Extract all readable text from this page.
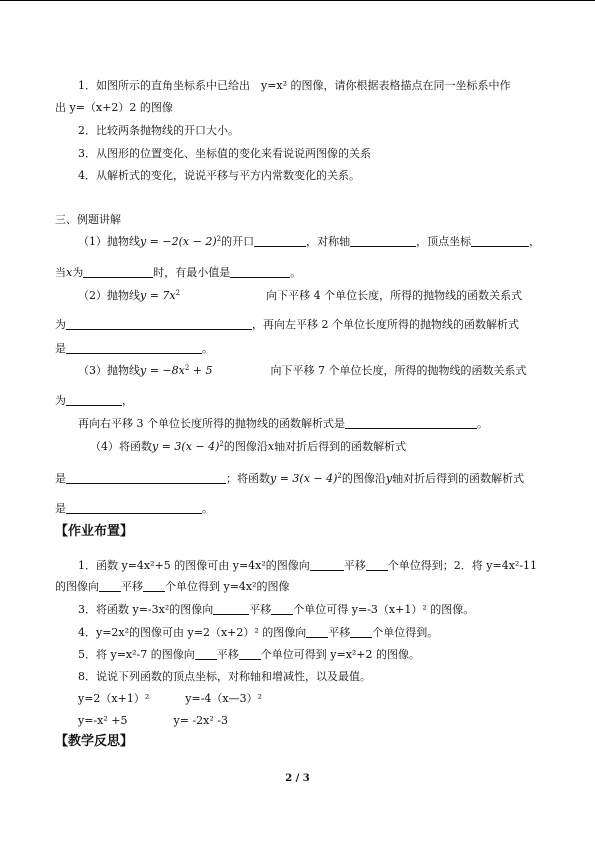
1．如图所示的直角坐标系中已给出　y=x² 的图像，请你根据表格描点在同一坐标系中作
出 y=（x+2）2 的图像
2．比较两条抛物线的开口大小。
3．从图形的位置变化、坐标值的变化来看说说两图像的关系
4．从解析式的变化，说说平移与平方内常数变化的关系。
三、例题讲解
（1）抛物线$y = -2(x - 2)^2$的开口	，对称轴	，顶点坐标	，
当x为	时，有最小值是	。
（2）抛物线$y = 7x^2$	向下平移 4 个单位长度，所得的抛物线的函数关系式
为	，再向左平移 2 个单位长度所得的抛物线的函数解析式
是	。
（3）抛物线$y = -8x^2 + 5$	向下平移 7 个单位长度，所得的抛物线的函数关系式
为	，
再向右平移 3 个单位长度所得的抛物线的函数解析式是	。
（4）将函数$y = 3(x - 4)^2$的图像沿x轴对折后得到的函数解析式
是	；将函数$y = 3(x - 4)^2$的图像沿y轴对折后得到的函数解析式
是	。
【作业布置】
1．函数 y=4x²+5 的图像可由 y=4x²的图像向	平移 个单位得到；2．将 y=4x²-11
的图像向 平移 个单位得到 y=4x²的图像
3．将函数 y=-3x²的图像向	平移 个单位可得 y=-3（x+1）² 的图像。
4．y=2x²的图像可由 y=2（x+2）² 的图像向 平移 个单位得到。
5．将 y=x²-7 的图像向 平移 个单位可得到 y=x²+2 的图像。
8．说说下列函数的顶点坐标，对称轴和增减性，以及最值。
y=2（x+1）²	y=-4（x—3）²
y=-x² +5	y= -2x² -3
【教学反思】
2 / 3
